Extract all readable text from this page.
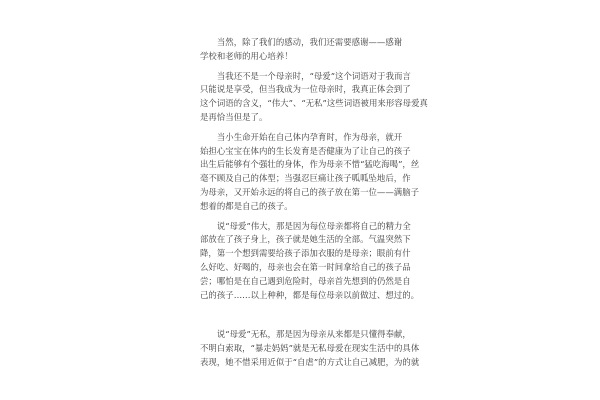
　　当然，除了我们的感动，我们还需要感谢——感谢
学校和老师的用心培养！
　　当我还不是一个母亲时，“母爱”这个词语对于我而言
只能说是享受，但当我成为一位母亲时，我真正体会到了
这个词语的含义，“伟大”、“无私”这些词语被用来形容母爱真
是再恰当但是了。
　　当小生命开始在自己体内孕育时，作为母亲，就开
始担心宝宝在体内的生长发育是否健康为了让自己的孩子
出生后能够有个强壮的身体，作为母亲不惜“猛吃海喝”，丝
毫不顾及自己的体型；当强忍巨痛让孩子呱呱坠地后，作
为母亲，又开始永远的将自己的孩子放在第一位——满脑子
想着的都是自己的孩子。
　　说“母爱”伟大，那是因为每位母亲都将自己的精力全
部放在了孩子身上，孩子就是她生活的全部。气温突然下
降，第一个想到需要给孩子添加衣服的是母亲；眼前有什
么好吃、好喝的，母亲也会在第一时间拿给自己的孩子品
尝；哪怕是在自己遇到危险时，母亲首先想到的仍然是自
己的孩子……以上种种，都是每位母亲以前做过、想过的。
　　说“母爱”无私，那是因为母亲从来都是只懂得奉献，
不明白索取，“暴走妈妈”就是无私母爱在现实生活中的具体
表现，她不惜采用近似于“自虐”的方式让自己减肥，为的就
